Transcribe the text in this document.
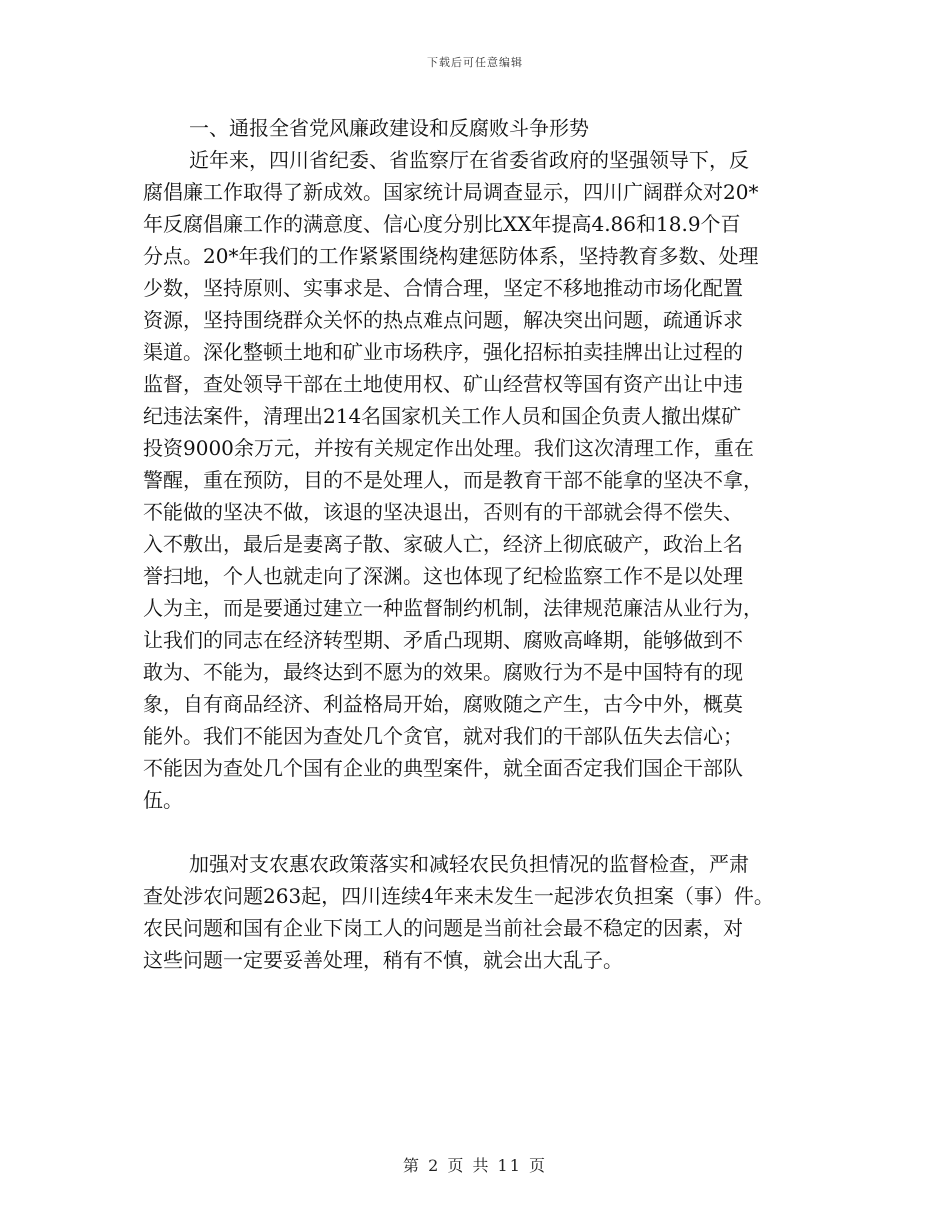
下载后可任意编辑
一、通报全省党风廉政建设和反腐败斗争形势
近年来，四川省纪委、省监察厅在省委省政府的坚强领导下，反
腐倡廉工作取得了新成效。国家统计局调查显示，四川广阔群众对20*
年反腐倡廉工作的满意度、信心度分别比XX年提高4.86和18.9个百
分点。20*年我们的工作紧紧围绕构建惩防体系，坚持教育多数、处理
少数，坚持原则、实事求是、合情合理，坚定不移地推动市场化配置
资源，坚持围绕群众关怀的热点难点问题，解决突出问题，疏通诉求
渠道。深化整顿土地和矿业市场秩序，强化招标拍卖挂牌出让过程的
监督，查处领导干部在土地使用权、矿山经营权等国有资产出让中违
纪违法案件，清理出214名国家机关工作人员和国企负责人撤出煤矿
投资9000余万元，并按有关规定作出处理。我们这次清理工作，重在
警醒，重在预防，目的不是处理人，而是教育干部不能拿的坚决不拿，
不能做的坚决不做，该退的坚决退出，否则有的干部就会得不偿失、
入不敷出，最后是妻离子散、家破人亡，经济上彻底破产，政治上名
誉扫地，个人也就走向了深渊。这也体现了纪检监察工作不是以处理
人为主，而是要通过建立一种监督制约机制，法律规范廉洁从业行为，
让我们的同志在经济转型期、矛盾凸现期、腐败高峰期，能够做到不
敢为、不能为，最终达到不愿为的效果。腐败行为不是中国特有的现
象，自有商品经济、利益格局开始，腐败随之产生，古今中外，概莫
能外。我们不能因为查处几个贪官，就对我们的干部队伍失去信心；
不能因为查处几个国有企业的典型案件，就全面否定我们国企干部队
伍。
加强对支农惠农政策落实和减轻农民负担情况的监督检查，严肃
查处涉农问题263起，四川连续4年来未发生一起涉农负担案（事）件。
农民问题和国有企业下岗工人的问题是当前社会最不稳定的因素，对
这些问题一定要妥善处理，稍有不慎，就会出大乱子。
第 2 页 共 11 页
